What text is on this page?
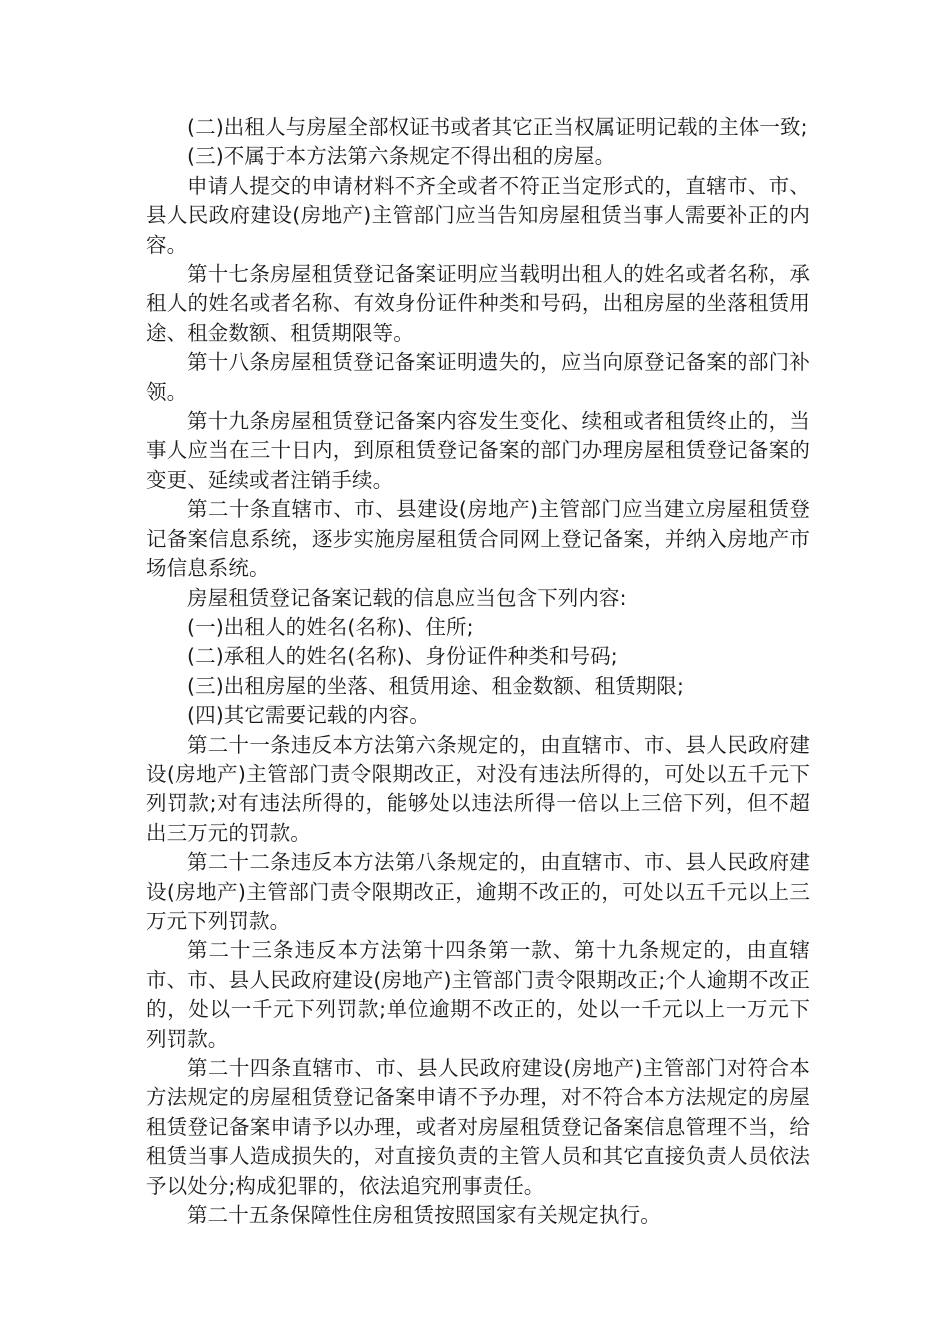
(二)出租人与房屋全部权证书或者其它正当权属证明记载的主体一致;

(三)不属于本方法第六条规定不得出租的房屋。

申请人提交的申请材料不齐全或者不符正当定形式的，直辖市、市、县人民政府建设(房地产)主管部门应当告知房屋租赁当事人需要补正的内容。

第十七条房屋租赁登记备案证明应当载明出租人的姓名或者名称，承租人的姓名或者名称、有效身份证件种类和号码，出租房屋的坐落租赁用途、租金数额、租赁期限等。

第十八条房屋租赁登记备案证明遗失的，应当向原登记备案的部门补领。

第十九条房屋租赁登记备案内容发生变化、续租或者租赁终止的，当事人应当在三十日内，到原租赁登记备案的部门办理房屋租赁登记备案的变更、延续或者注销手续。

第二十条直辖市、市、县建设(房地产)主管部门应当建立房屋租赁登记备案信息系统，逐步实施房屋租赁合同网上登记备案，并纳入房地产市场信息系统。

房屋租赁登记备案记载的信息应当包含下列内容:

(一)出租人的姓名(名称)、住所;

(二)承租人的姓名(名称)、身份证件种类和号码;

(三)出租房屋的坐落、租赁用途、租金数额、租赁期限;

(四)其它需要记载的内容。

第二十一条违反本方法第六条规定的，由直辖市、市、县人民政府建设(房地产)主管部门责令限期改正，对没有违法所得的，可处以五千元下列罚款;对有违法所得的，能够处以违法所得一倍以上三倍下列，但不超出三万元的罚款。

第二十二条违反本方法第八条规定的，由直辖市、市、县人民政府建设(房地产)主管部门责令限期改正，逾期不改正的，可处以五千元以上三万元下列罚款。

第二十三条违反本方法第十四条第一款、第十九条规定的，由直辖市、市、县人民政府建设(房地产)主管部门责令限期改正;个人逾期不改正的，处以一千元下列罚款;单位逾期不改正的，处以一千元以上一万元下列罚款。

第二十四条直辖市、市、县人民政府建设(房地产)主管部门对符合本方法规定的房屋租赁登记备案申请不予办理，对不符合本方法规定的房屋租赁登记备案申请予以办理，或者对房屋租赁登记备案信息管理不当，给租赁当事人造成损失的，对直接负责的主管人员和其它直接负责人员依法予以处分;构成犯罪的，依法追究刑事责任。

第二十五条保障性住房租赁按照国家有关规定执行。
